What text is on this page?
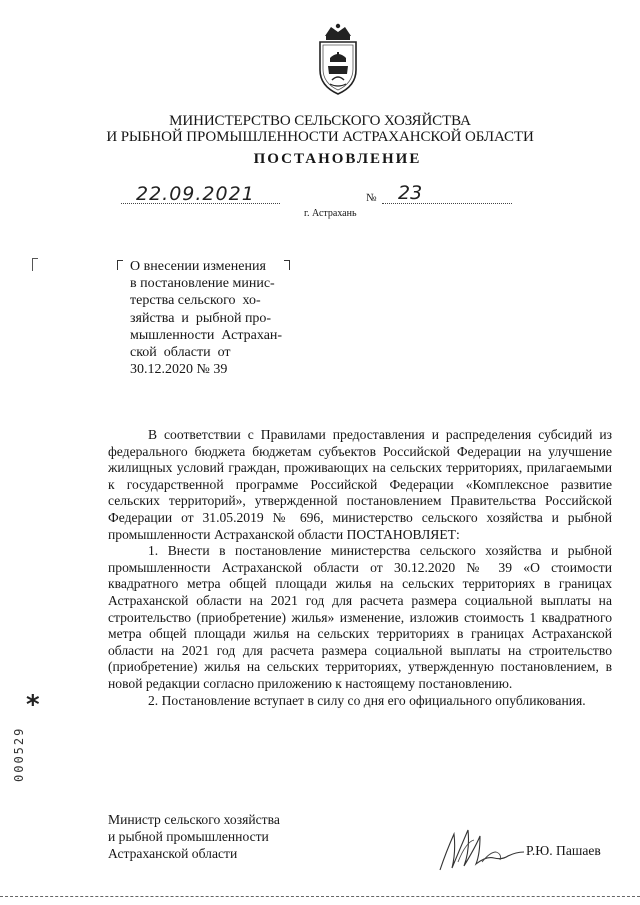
МИНИСТЕРСТВО СЕЛЬСКОГО ХОЗЯЙСТВА
И РЫБНОЙ ПРОМЫШЛЕННОСТИ АСТРАХАНСКОЙ ОБЛАСТИ
ПОСТАНОВЛЕНИЕ
22.09.2021	№ 23
г. Астрахань
О внесении изменения
в постановление минис-
терства сельского  хо-
зяйства  и  рыбной про-
мышленности  Астрахан-
ской  области  от
30.12.2020 № 39

В соответствии с Правилами предоставления и распределения субсидий из федерального бюджета бюджетам субъектов Российской Федерации на улучшение жилищных условий граждан, проживающих на сельских территориях, прилагаемыми к государственной программе Российской Федерации «Комплексное развитие сельских территорий», утвержденной постановлением Правительства Российской Федерации от 31.05.2019 № 696, министерство сельского хозяйства и рыбной промышленности Астраханской области ПОСТАНОВЛЯЕТ:

1. Внести в постановление министерства сельского хозяйства и рыбной промышленности Астраханской области от 30.12.2020 № 39 «О стоимости квадратного метра общей площади жилья на сельских территориях в границах Астраханской области на 2021 год для расчета размера социальной выплаты на строительство (приобретение) жилья» изменение, изложив стоимость 1 квадратного метра общей площади жилья на сельских территориях в границах Астраханской области на 2021 год для расчета размера социальной выплаты на строительство (приобретение) жилья на сельских территориях, утвержденную постановлением, в новой редакции согласно приложению к настоящему постановлению.

2. Постановление вступает в силу со дня его официального опубликования.

Министр сельского хозяйства
и рыбной промышленности
Астраханской области	Р.Ю. Пашаев
*
000529
